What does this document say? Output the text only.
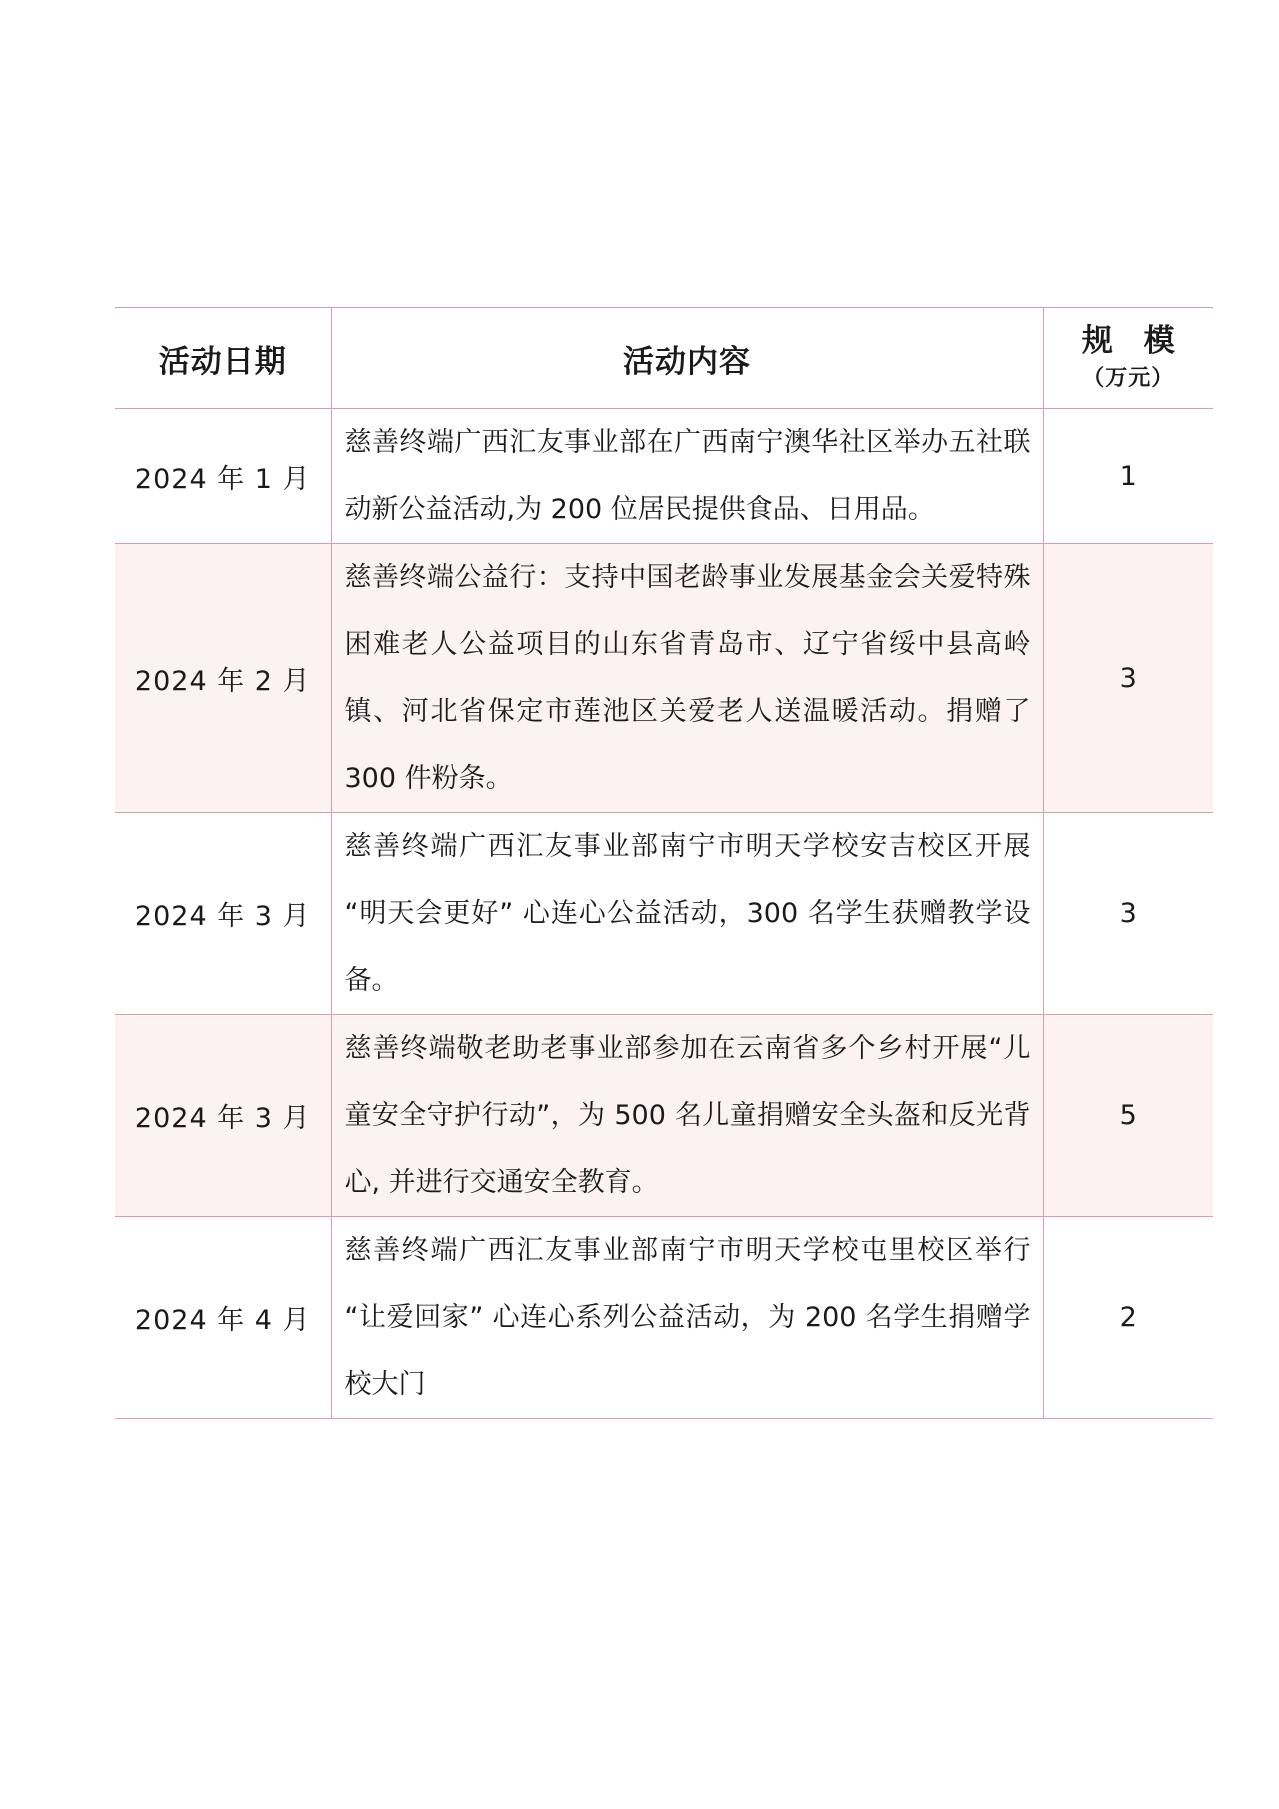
活动日期	活动内容	规 模
（万元）

2024 年 1 月	慈善终端广西汇友事业部在广西南宁澳华社区举办五社联动新公益活动,为 200 位居民提供食品、日用品。	1
2024 年 2 月	慈善终端公益行：支持中国老龄事业发展基金会关爱特殊困难老人公益项目的山东省青岛市、辽宁省绥中县高岭镇、河北省保定市莲池区关爱老人送温暖活动。捐赠了 300 件粉条。	3
2024 年 3 月	慈善终端广西汇友事业部南宁市明天学校安吉校区开展 “明天会更好” 心连心公益活动，300 名学生获赠教学设备。	3
2024 年 3 月	慈善终端敬老助老事业部参加在云南省多个乡村开展“儿童安全守护行动”，为 500 名儿童捐赠安全头盔和反光背心, 并进行交通安全教育。	5
2024 年 4 月	慈善终端广西汇友事业部南宁市明天学校屯里校区举行 “让爱回家” 心连心系列公益活动，为 200 名学生捐赠学校大门	2
